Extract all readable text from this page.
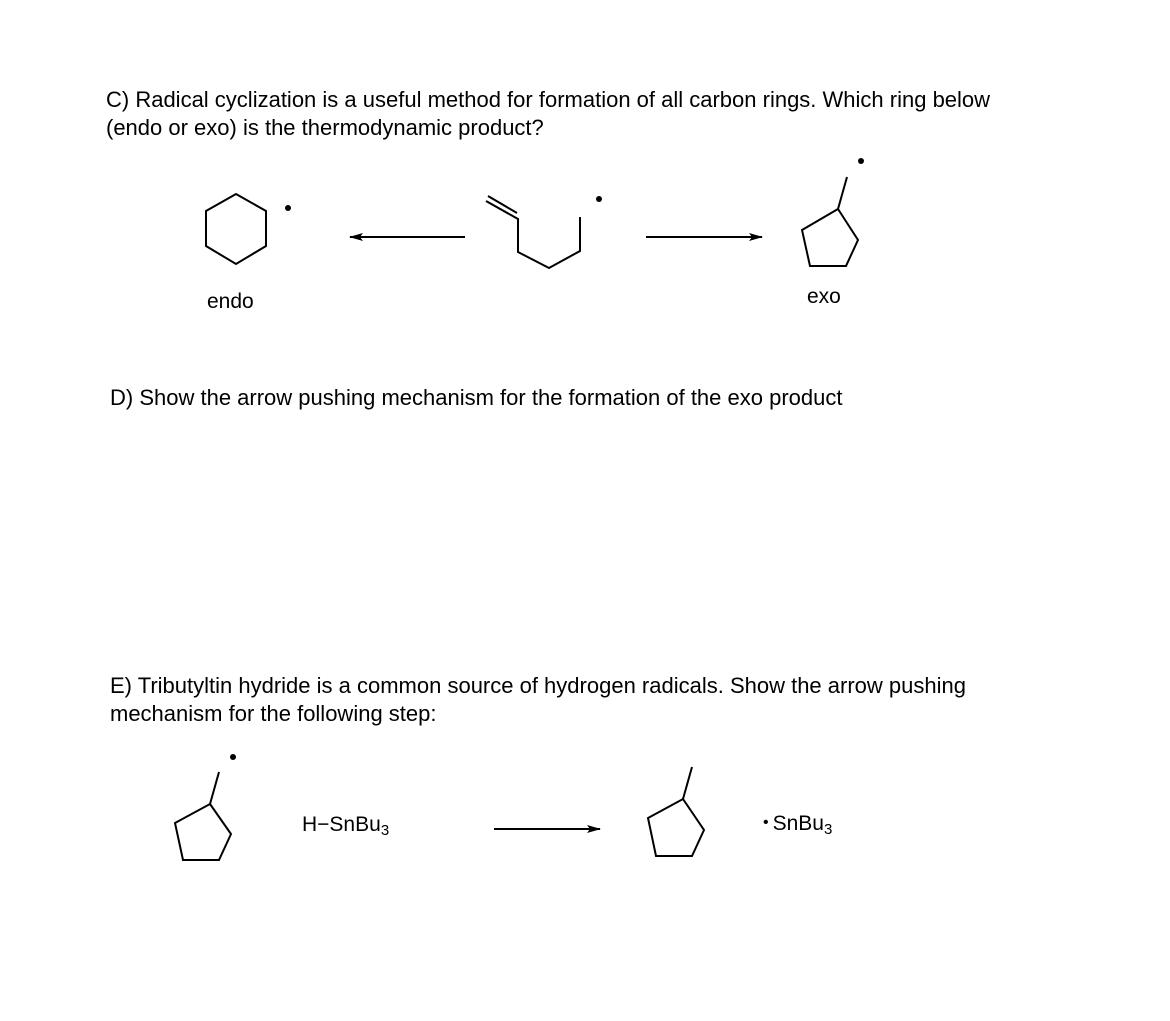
C) Radical cyclization is a useful method for formation of all carbon rings. Which ring below
(endo or exo) is the thermodynamic product?
D) Show the arrow pushing mechanism for the formation of the exo product
E) Tributyltin hydride is a common source of hydrogen radicals. Show the arrow pushing
mechanism for the following step:
endo	exo
H−SnBu$_3$	• SnBu$_3$
